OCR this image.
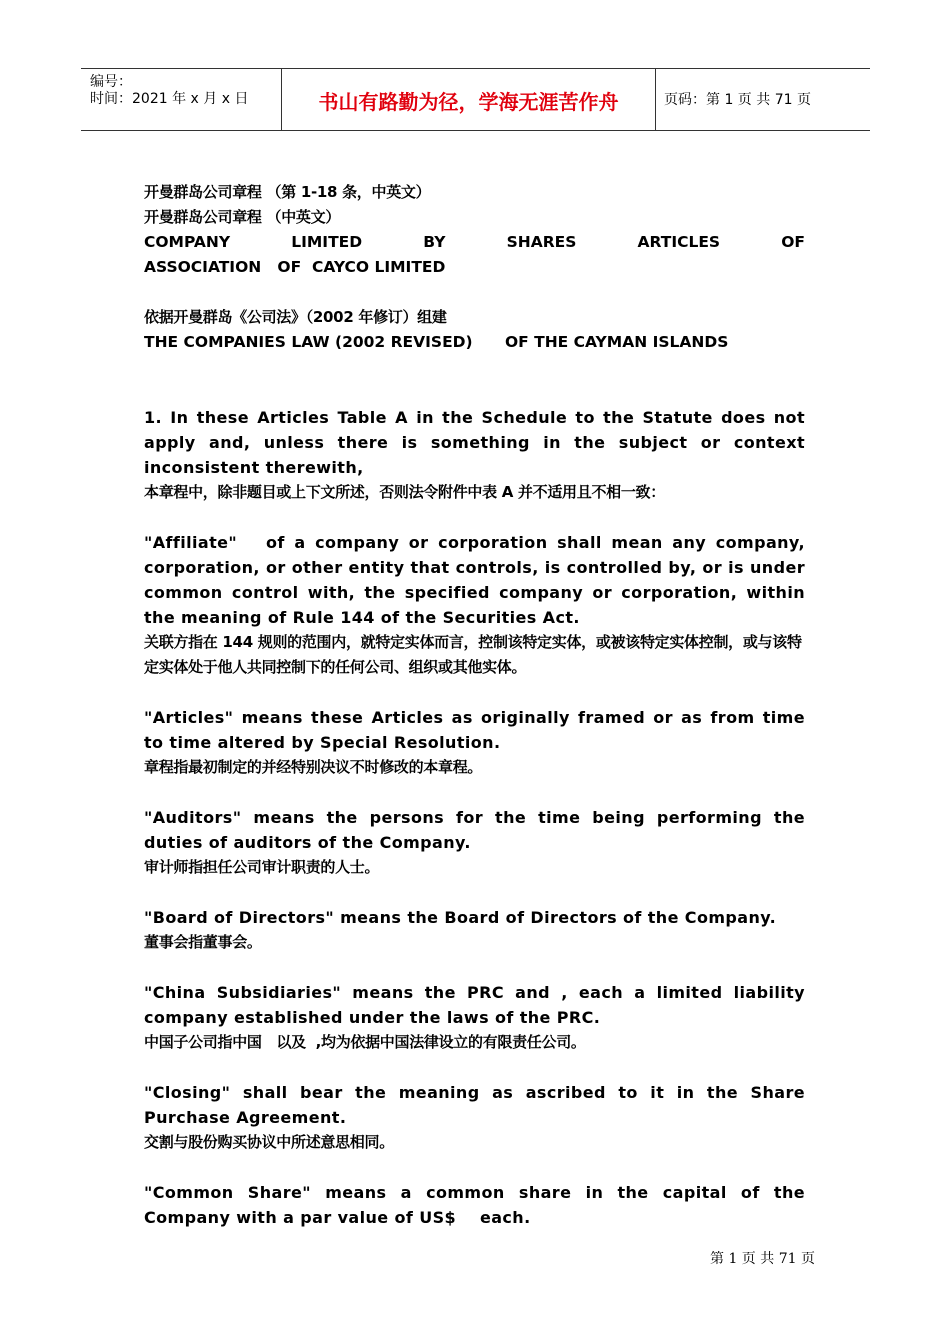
编号：
时间：2021 年 x 月 x 日	书山有路勤为径，学海无涯苦作舟	页码：第 1 页 共 71 页
开曼群岛公司章程 （第 1-18 条，中英文）
开曼群岛公司章程 （中英文）
COMPANY	LIMITED	BY	SHARES	ARTICLES	OF
ASSOCIATION   OF  CAYCO LIMITED
依据开曼群岛《公司法》（2002 年修订）组建
THE COMPANIES LAW (2002 REVISED)      OF THE CAYMAN ISLANDS

1. In these Articles Table A in the Schedule to the Statute does not apply and, unless there is something in the subject or context inconsistent therewith,

本章程中，除非题目或上下文所述，否则法令附件中表 A 并不适用且不相一致：

"Affiliate"   of a company or corporation shall mean any company, corporation, or other entity that controls, is controlled by, or is under common control with, the specified company or corporation, within the meaning of Rule 144 of the Securities Act.

关联方指在 144 规则的范围内，就特定实体而言，控制该特定实体，或被该特定实体控制，或与该特定实体处于他人共同控制下的任何公司、组织或其他实体。

"Articles" means these Articles as originally framed or as from time to time altered by Special Resolution.

章程指最初制定的并经特别决议不时修改的本章程。

"Auditors" means the persons for the time being performing the duties of auditors of the Company.

审计师指担任公司审计职责的人士。

"Board of Directors" means the Board of Directors of the Company.

董事会指董事会。

"China Subsidiaries" means the PRC and , each a limited liability company established under the laws of the PRC.

中国子公司指中国   以及  ,均为依据中国法律设立的有限责任公司。

"Closing" shall bear the meaning as ascribed to it in the Share Purchase Agreement.

交割与股份购买协议中所述意思相同。

"Common Share" means a common share in the capital of the Company with a par value of US$    each.

第 1 页 共 71 页
